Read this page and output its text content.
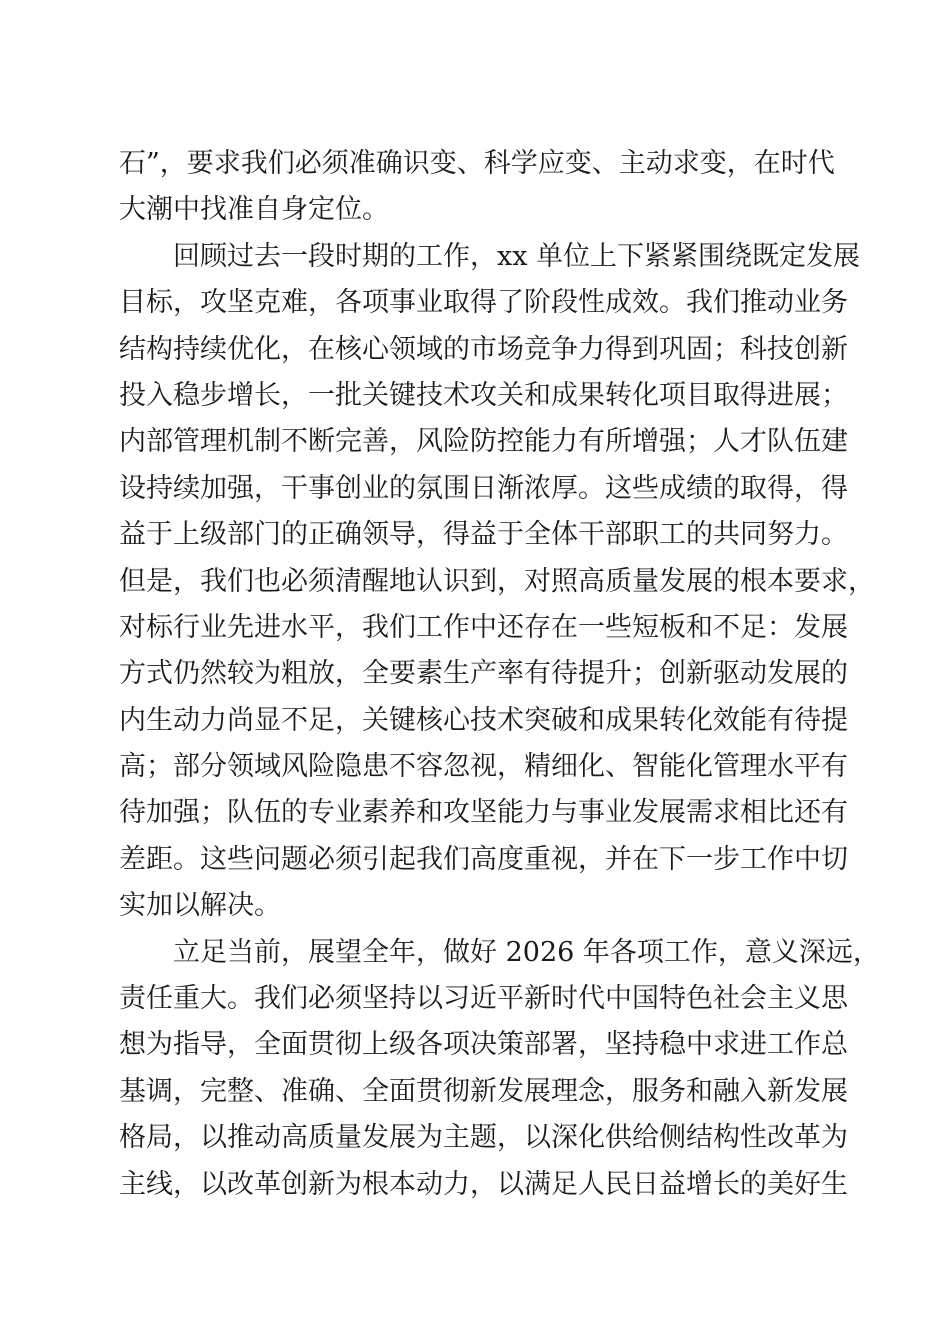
石”，要求我们必须准确识变、科学应变、主动求变，在时代
大潮中找准自身定位。
回顾过去一段时期的工作，xx 单位上下紧紧围绕既定发展
目标，攻坚克难，各项事业取得了阶段性成效。我们推动业务
结构持续优化，在核心领域的市场竞争力得到巩固；科技创新
投入稳步增长，一批关键技术攻关和成果转化项目取得进展；
内部管理机制不断完善，风险防控能力有所增强；人才队伍建
设持续加强，干事创业的氛围日渐浓厚。这些成绩的取得，得
益于上级部门的正确领导，得益于全体干部职工的共同努力。
但是，我们也必须清醒地认识到，对照高质量发展的根本要求，
对标行业先进水平，我们工作中还存在一些短板和不足：发展
方式仍然较为粗放，全要素生产率有待提升；创新驱动发展的
内生动力尚显不足，关键核心技术突破和成果转化效能有待提
高；部分领域风险隐患不容忽视，精细化、智能化管理水平有
待加强；队伍的专业素养和攻坚能力与事业发展需求相比还有
差距。这些问题必须引起我们高度重视，并在下一步工作中切
实加以解决。
立足当前，展望全年，做好 2026 年各项工作，意义深远，
责任重大。我们必须坚持以习近平新时代中国特色社会主义思
想为指导，全面贯彻上级各项决策部署，坚持稳中求进工作总
基调，完整、准确、全面贯彻新发展理念，服务和融入新发展
格局，以推动高质量发展为主题，以深化供给侧结构性改革为
主线，以改革创新为根本动力，以满足人民日益增长的美好生
